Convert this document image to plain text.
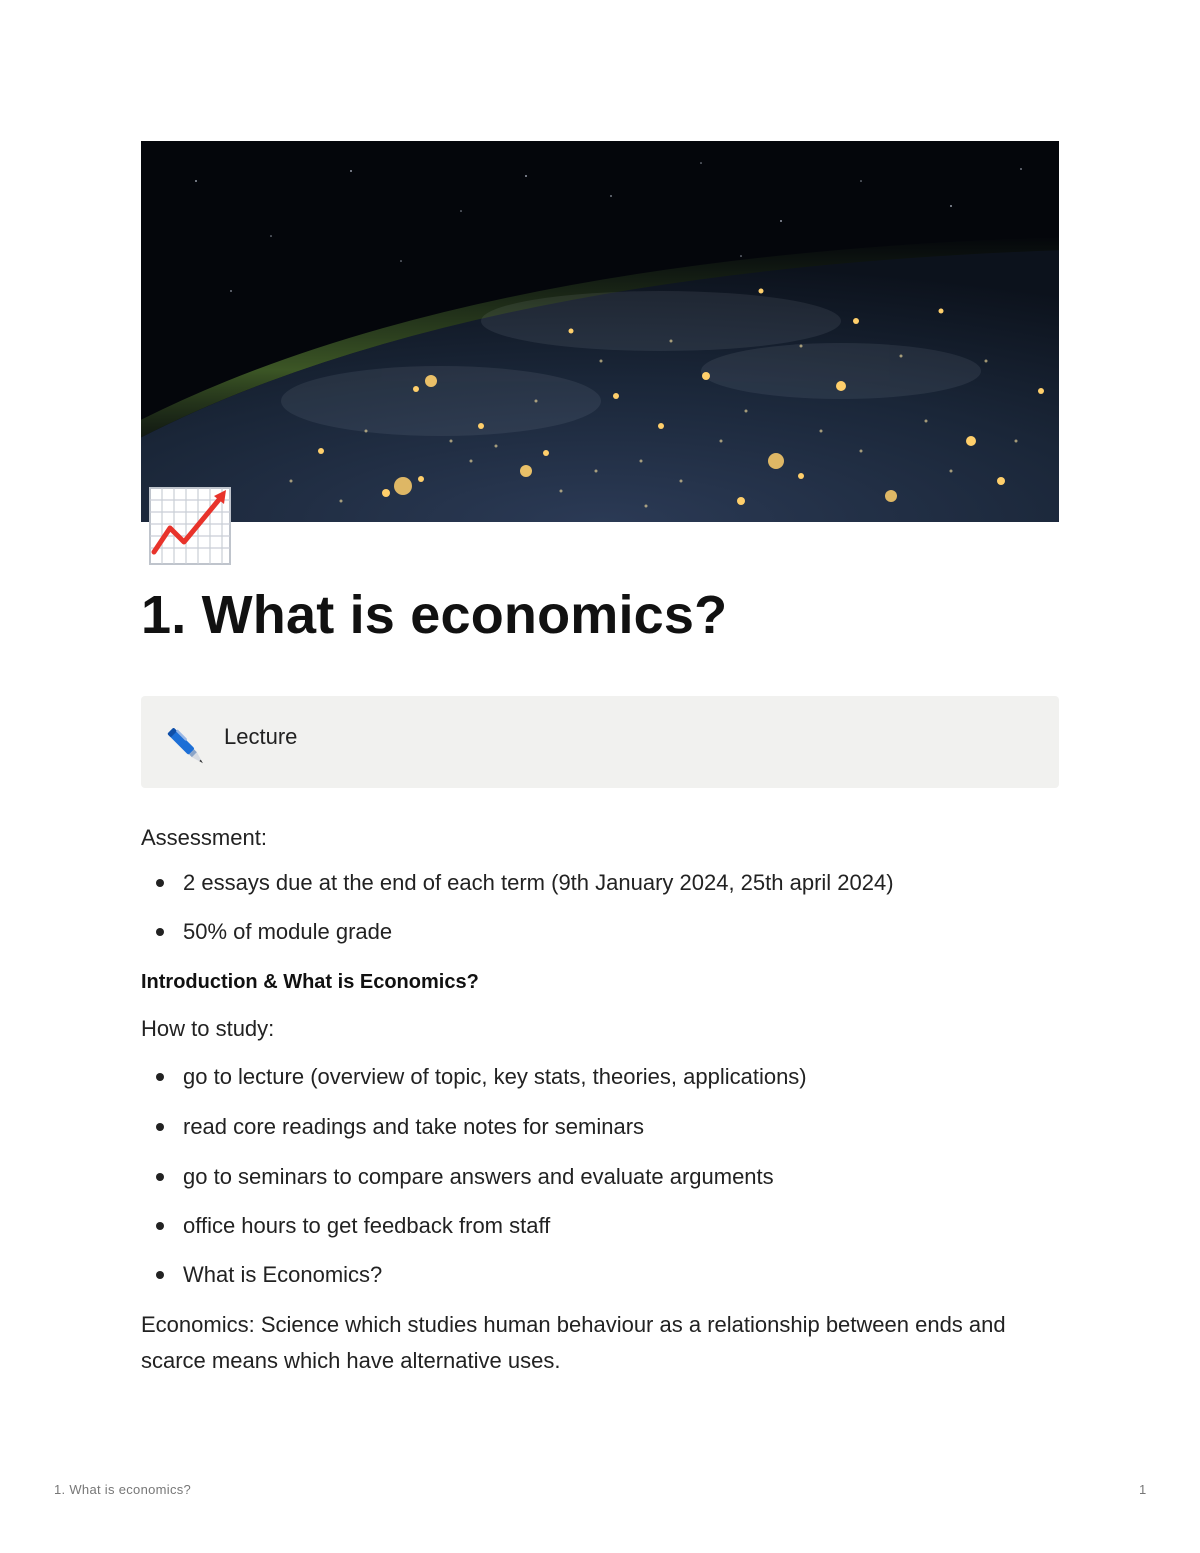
1. What is economics?
Lecture
Assessment:
2 essays due at the end of each term (9th January 2024, 25th april 2024)
50% of module grade
Introduction & What is Economics?
How to study:
go to lecture (overview of topic, key stats, theories, applications)
read core readings and take notes for seminars
go to seminars to compare answers and evaluate arguments
office hours to get feedback from staff
What is Economics?
Economics: Science which studies human behaviour as a relationship between ends and scarce means which have alternative uses.
1. What is economics?	1
